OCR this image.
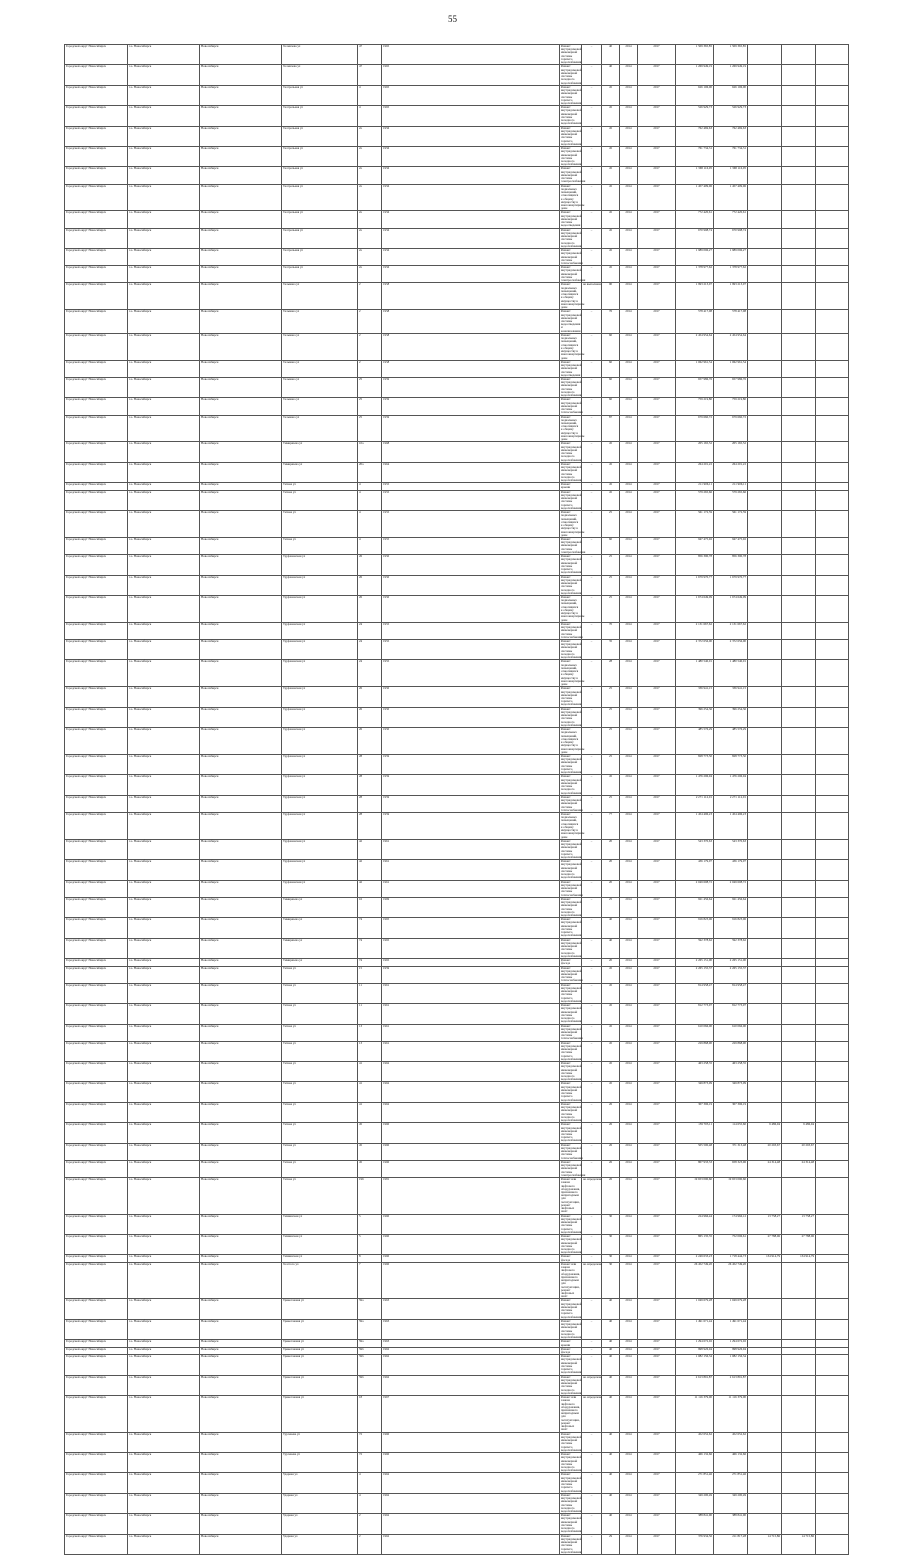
55
Городской округ Новосибирск	г.о. Новосибирск	Новосибирск	Толмачева ул	47	1965	Ремонт внутридомовой инженерной системы горячего водоснабжения	–	40	2014	2017	1 509 365,85	1 509 365,85				
Городской округ Новосибирск	г.о. Новосибирск	Новосибирск	Толмачева ул	47	1965	Ремонт внутридомовой инженерной системы холодного водоснабжения	–	40	2014	2017	1 269 949,19	1 269 949,19				
Городской округ Новосибирск	г.о. Новосибирск	Новосибирск	Театральная ул	4	1965	Ремонт внутридомовой инженерной системы горячего водоснабжения	–	45	2014	2017	626 106,00	626 106,00				
Городской округ Новосибирск	г.о. Новосибирск	Новосибирск	Театральная ул	4	1965	Ремонт внутридомовой инженерной системы холодного водоснабжения	–	45	2014	2017	526 929,73	526 929,73				
Городской округ Новосибирск	г.о. Новосибирск	Новосибирск	Театральная ул	2а	1956	Ремонт внутридомовой инженерной системы горячего водоснабжения	–	45	2014	2017	762 469,63	762 469,63				
Городской округ Новосибирск	г.о. Новосибирск	Новосибирск	Театральная ул	2а	1956	Ремонт внутридомовой инженерной системы холодного водоснабжения	–	45	2014	2017	761 734,31	761 734,31				
Городской округ Новосибирск	г.о. Новосибирск	Новосибирск	Театральная ул	2а	1956	Ремонт внутридомовой инженерной системы электроснабжения	–	45	2014	2017	1 368 116,05	1 368 116,05				
Городской округ Новосибирск	г.о. Новосибирск	Новосибирск	Театральная ул	2а	1956	Ремонт подвальных помещений, относящихся к общему имуществу в многоквартирном доме	–	45	2014	2017	1 457 409,96	1 457 409,96				
Городской округ Новосибирск	г.о. Новосибирск	Новосибирск	Театральная ул	2а	1956	Ремонт внутридомовой инженерной системы водоотведения	–	45	2014	2017	772 420,61	772 420,61				
Городской округ Новосибирск	г.о. Новосибирск	Новосибирск	Театральная ул	2а	1956	Ремонт внутридомовой инженерной системы холодного водоснабжения	–	45	2014	2017	670 998,74	670 998,74				
Городской округ Новосибирск	г.о. Новосибирск	Новосибирск	Театральная ул	2а	1956	Ремонт внутридомовой инженерной системы теплоснабжения	–	45	2014	2017	1 989 096,27	1 989 096,27				
Городской округ Новосибирск	г.о. Новосибирск	Новосибирск	Театральная ул	2а	1956	Ремонт внутридомовой инженерной системы электроснабжения	–	45	2014	2017	1 378 977,62	1 378 977,62				
Городской округ Новосибирск	г.о. Новосибирск	Новосибирск	Тельмана ул	2	1958	Ремонт подвальных помещений, относящихся к общему имуществу в многоквартирном доме	не выполнено	90	2014	2017	1 993 213,07	1 993 213,07				
Городской округ Новосибирск	г.о. Новосибирск	Новосибирск	Тельмана ул	2	1958	Ремонт внутридомовой инженерной системы водоотведения и канализования	–	76	2014	2017	578 417,08	578 417,08				
Городской округ Новосибирск	г.о. Новосибирск	Новосибирск	Тельмана ул	2	1958	Ремонт подвальных помещений, относящихся к общему имуществу в многоквартирном доме	–	60	2014	2017	2 454 954,64	2 454 954,64				
Городской округ Новосибирск	г.о. Новосибирск	Новосибирск	Тельмана ул	2	1958	Ремонт внутридомовой инженерной системы водоотведения	–	60	2014	2017	1 062 961,54	1 062 961,54				
Городской округ Новосибирск	г.о. Новосибирск	Новосибирск	Тельмана ул	25	1959	Ремонт внутридомовой инженерной системы холодного водоснабжения	–	60	2014	2017	657 986,76	657 986,76				
Городской округ Новосибирск	г.о. Новосибирск	Новосибирск	Тельмана ул	25	1959	Ремонт внутридомовой инженерной системы теплоснабжения	–	60	2014	2017	759 219,80	759 219,80				
Городской округ Новосибирск	г.о. Новосибирск	Новосибирск	Тельмана ул	25	1959	Ремонт подвальных помещений, относящихся к общему имуществу в многоквартирном доме	–	87	2014	2017	679 660,72	679 660,72				
Городской округ Новосибирск	г.о. Новосибирск	Новосибирск	Тимирязева ул	10а	1968	Ремонт внутридомовой инженерной системы холодного водоснабжения	–	45	2014	2017	205 165,52	205 165,52				
Городской округ Новосибирск	г.о. Новосибирск	Новосибирск	Тимирязева ул	20а	1964	Ремонт внутридомовой инженерной системы холодного водоснабжения	–	45	2014	2017	264 201,22	264 201,22				
Городской округ Новосибирск	г.о. Новосибирск	Новосибирск	Титова ул	4	1955	Ремонт крыши	–	45	2014	2017	211 906,11	211 906,11				
Городской округ Новосибирск	г.о. Новосибирск	Новосибирск	Титова ул	4	1955	Ремонт внутридомовой инженерной системы горячего водоснабжения	–	45	2014	2017	579 265,66	579 265,66				
Городской округ Новосибирск	г.о. Новосибирск	Новосибирск	Титова ул	4	1955	Ремонт подвальных помещений, относящихся к общему имуществу в многоквартирном доме	–	25	2014	2017	561 172,59	561 172,59				
Городской округ Новосибирск	г.о. Новосибирск	Новосибирск	Титова ул	4	1955	Ремонт внутридомовой инженерной системы электроснабжения	–	60	2014	2017	947 475,92	947 475,92				
Городской округ Новосибирск	г.о. Новосибирск	Новосибирск	Труфановская ул	26	1950	Ремонт внутридомовой инженерной системы горячего водоснабжения	–	25	2014	2017	856 390,78	856 390,78				
Городской округ Новосибирск	г.о. Новосибирск	Новосибирск	Труфановская ул	26	1950	Ремонт внутридомовой инженерной системы холодного водоснабжения	–	25	2014	2017	1 679 970,77	1 679 970,77				
Городской округ Новосибирск	г.о. Новосибирск	Новосибирск	Труфановская ул	26	1950	Ремонт подвальных помещений, относящихся к общему имуществу в многоквартирном доме	–	25	2014	2017	1 674 649,09	1 674 649,09				
Городской округ Новосибирск	г.о. Новосибирск	Новосибирск	Труфановская ул	24	1955	Ремонт внутридомовой инженерной системы теплоснабжения	–	70	2014	2017	2 131 667,62	2 131 667,62				
Городской округ Новосибирск	г.о. Новосибирск	Новосибирск	Труфановская ул	24	1955	Ремонт внутридомовой инженерной системы холодного водоснабжения	–	35	2014	2017	2 372 656,00	2 372 656,00				
Городской округ Новосибирск	г.о. Новосибирск	Новосибирск	Труфановская ул	24	1955	Ремонт подвальных помещений, относящихся к общему имуществу в многоквартирном доме	–	28	2014	2017	1 480 540,01	1 480 540,01				
Городской округ Новосибирск	г.о. Новосибирск	Новосибирск	Труфановская ул	26	1950	Ремонт внутридомовой инженерной системы горячего водоснабжения	–	25	2014	2017	336 941,15	336 941,15				
Городской округ Новосибирск	г.о. Новосибирск	Новосибирск	Труфановская ул	26	1950	Ремонт внутридомовой инженерной системы холодного водоснабжения	–	25	2014	2017	396 254,36	396 254,36				
Городской округ Новосибирск	г.о. Новосибирск	Новосибирск	Труфановская ул	26	1950	Ремонт подвальных помещений, относящихся к общему имуществу в многоквартирном доме	–	25	2014	2017	485 576,29	485 576,29				
Городской округ Новосибирск	г.о. Новосибирск	Новосибирск	Труфановская ул	28	1959	Ремонт внутридомовой инженерной системы горячего водоснабжения	–	25	2014	2017	828 773,50	828 773,50				
Городской округ Новосибирск	г.о. Новосибирск	Новосибирск	Труфановская ул	28	1959	Ремонт внутридомовой инженерной системы холодного водоснабжения	–	45	2014	2017	1 476 296,94	1 476 296,94				
Городской округ Новосибирск	г.о. Новосибирск	Новосибирск	Труфановская ул	28	1959	Ремонт внутридомовой инженерной системы теплоснабжения	–	25	2014	2017	2 271 112,01	2 271 112,01				
Городской округ Новосибирск	г.о. Новосибирск	Новосибирск	Труфановская ул	28	1959	Ремонт подвальных помещений, относящихся к общему имуществу в многоквартирном доме	–	77	2014	2017	1 454 496,23	1 454 496,23				
Городской округ Новосибирск	г.о. Новосибирск	Новосибирск	Труфановская ул	42	1961	Ремонт внутридомовой инженерной системы горячего водоснабжения	–	20	2014	2017	543 370,63	543 370,63				
Городской округ Новосибирск	г.о. Новосибирск	Новосибирск	Труфановская ул	42	1961	Ремонт внутридомовой инженерной системы холодного водоснабжения	–	20	2014	2017	436 179,07	436 179,07				
Городской округ Новосибирск	г.о. Новосибирск	Новосибирск	Труфановская ул	42	1961	Ремонт внутридомовой инженерной системы теплоснабжения	–	20	2014	2017	2 049 608,72	2 049 608,72				
Городской округ Новосибирск	г.о. Новосибирск	Новосибирск	Тимирязева ул	16	1969	Ремонт внутридомовой инженерной системы холодного водоснабжения	–	25	2014	2017	921 456,64	921 456,64				
Городской округ Новосибирск	г.о. Новосибирск	Новосибирск	Тимирязева ул	74	1965	Ремонт внутридомовой инженерной системы горячего водоснабжения	–	40	2014	2017	916 823,06	916 823,06				
Городской округ Новосибирск	г.о. Новосибирск	Новосибирск	Тимирязева ул	74	1965	Ремонт внутридомовой инженерной системы холодного водоснабжения	–	40	2014	2017	592 378,62	592 378,62				
Городской округ Новосибирск	г.о. Новосибирск	Новосибирск	Тимирязева ул	74	1965	Ремонт фасада	–	20	2014	2017	2 265 151,00	2 265 151,00				
Городской округ Новосибирск	г.о. Новосибирск	Новосибирск	Титова ул	15	1959	Ремонт внутридомовой инженерной системы теплоснабжения	–	45	2014	2017	2 265 155,37	2 265 155,37				
Городской округ Новосибирск	г.о. Новосибирск	Новосибирск	Титова ул	11	1961	Ремонт внутридомовой инженерной системы горячего водоснабжения	–	45	2014	2017	814 958,47	814 958,47				
Городской округ Новосибирск	г.о. Новосибирск	Новосибирск	Титова ул	11	1961	Ремонт внутридомовой инженерной системы холодного водоснабжения	–	45	2014	2017	812 773,07	812 773,07				
Городской округ Новосибирск	г.о. Новосибирск	Новосибирск	Титова ул	13	1961	Ремонт внутридомовой инженерной системы теплоснабжения	–	45	2014	2017	610 066,00	610 066,00				
Городской округ Новосибирск	г.о. Новосибирск	Новосибирск	Титова ул	13	1961	Ремонт внутридомовой инженерной системы горячего водоснабжения	–	45	2014	2017	229 868,90	229 868,90				
Городской округ Новосибирск	г.о. Новосибирск	Новосибирск	Титова ул	41	1962	Ремонт внутридомовой инженерной системы холодного водоснабжения	–	45	2014	2017	463 258,35	463 258,35				
Городской округ Новосибирск	г.о. Новосибирск	Новосибирск	Титова ул	41	1962	Ремонт внутридомовой инженерной системы горячего водоснабжения	–	45	2014	2017	349 873,09	349 873,09				
Городской округ Новосибирск	г.о. Новосибирск	Новосибирск	Титова ул	41	1962	Ремонт внутридомовой инженерной системы холодного водоснабжения	–	26	2014	2017	307 396,19	307 396,19				
Городской округ Новосибирск	г.о. Новосибирск	Новосибирск	Титова ул	45	1960	Ремонт внутридомовой инженерной системы горячего водоснабжения	–	26	2014	2017	159 703,11	114 655,60	9 486,94	9 486,94		
Городской округ Новосибирск	г.о. Новосибирск	Новосибирск	Титова ул	45	1960	Ремонт внутридомовой инженерной системы теплоснабжения	–	26	2014	2017	505 500,48	371 313,48	20 293,67	20 293,67		
Городской округ Новосибирск	г.о. Новосибирск	Новосибирск	Титова ул	45	1960	Ремонт внутридомовой инженерной системы электроснабжения	–	26	2014	2017	807 933,33	658 323,96	24 314,48	24 314,48		
Городской округ Новосибирск	г.о. Новосибирск	Новосибирск	Титова ул	196	1981	Ремонт или замена лифтового оборудования, признанного непригодным для эксплуатации, ремонт лифтовых шахт	не определено	26	2014	2017	19 653 090,60	19 653 090,60				
Городской округ Новосибирск	г.о. Новосибирск	Новосибирск	Тихвинская ул	5	1960	Ремонт внутридомовой инженерной системы горячего водоснабжения	–	30	2014	2017	224 966,44	174 966,12	13 758,27	13 758,27		
Городской округ Новосибирск	г.о. Новосибирск	Новосибирск	Тихвинская ул	5	1960	Ремонт внутридомовой инженерной системы холодного водоснабжения	–	30	2014	2017	865 135,35	752 096,61	27 788,06	27 788,06		
Городской округ Новосибирск	г.о. Новосибирск	Новосибирск	Тихвинская ул	8	1960	Ремонт фасада	–	30	2014	2017	2 249 633,23	1 718 444,73	134 914,79	134 914,79		
Городской округ Новосибирск	г.о. Новосибирск	Новосибирск	Толстого ул	7	1960	Ремонт или замена лифтового оборудования, признанного непригодным для эксплуатации, ремонт лифтовых шахт	не определено	30	2014	2017	26 452 749,20	26 452 749,20				
Городской округ Новосибирск	г.о. Новосибирск	Новосибирск	Трикотажная ул	59а	1963	Ремонт внутридомовой инженерной системы горячего водоснабжения	–	40	2014	2017	1 049 679,28	1 049 679,28				
Городской округ Новосибирск	г.о. Новосибирск	Новосибирск	Трикотажная ул	59а	1963	Ремонт внутридомовой инженерной системы холодного водоснабжения	–	40	2014	2017	1 491 671,44	1 491 671,44				
Городской округ Новосибирск	г.о. Новосибирск	Новосибирск	Трикотажная ул	59а	1963	Ремонт крыши	–	40	2014	2017	1 294 672,02	1 294 672,02				
Городской округ Новосибирск	г.о. Новосибирск	Новосибирск	Трикотажная ул	59б	1962	Ремонт фасада	–	40	2014	2017	998 926,94	998 926,94				
Городской округ Новосибирск	г.о. Новосибирск	Новосибирск	Трикотажная ул	59б	1962	Ремонт внутридомовой инженерной системы горячего водоснабжения	–	40	2014	2017	1 082 156,34	1 082 156,34				
Городской округ Новосибирск	г.о. Новосибирск	Новосибирск	Трикотажная ул	59б	1962	Ремонт внутридомовой инженерной системы холодного водоснабжения	не определено	40	2014	2017	2 613 891,87	2 613 891,87				
Городской округ Новосибирск	г.о. Новосибирск	Новосибирск	Трикотажная ул	18	1967	Ремонт или замена лифтового оборудования, признанного непригодным для эксплуатации, ремонт лифтовых шахт	не определено	40	2014	2017	11 116 379,00	11 116 379,00				
Городской округ Новосибирск	г.о. Новосибирск	Новосибирск	Тургенева ул	72	1960	Ремонт внутридомовой инженерной системы горячего водоснабжения	–	40	2014	2017	452 652,62	452 652,62				
Городской округ Новосибирск	г.о. Новосибирск	Новосибирск	Тургенева ул	72	1960	Ремонт внутридомовой инженерной системы холодного водоснабжения	–	40	2014	2017	466 132,66	466 132,66				
Городской округ Новосибирск	г.о. Новосибирск	Новосибирск	Ударная ул	4	1962	Ремонт внутридомовой инженерной системы горячего водоснабжения	–	40	2014	2017	271 851,46	271 851,46				
Городской округ Новосибирск	г.о. Новосибирск	Новосибирск	Ударная ул	4	1962	Ремонт внутридомовой инженерной системы холодного водоснабжения	–	40	2014	2017	349 200,49	349 200,49				
Городской округ Новосибирск	г.о. Новосибирск	Новосибирск	Ударная ул	2	1962	Ремонт внутридомовой инженерной системы холодного водоснабжения	–	40	2014	2017	388 841,90	388 841,90				
Городской округ Новосибирск	г.о. Новосибирск	Новосибирск	Ударная ул	2	1962	Ремонт внутридомовой инженерной системы горячего водоснабжения	–	29	2014	2017	376 934,56	211 817,28	14 715,86	14 715,86		
